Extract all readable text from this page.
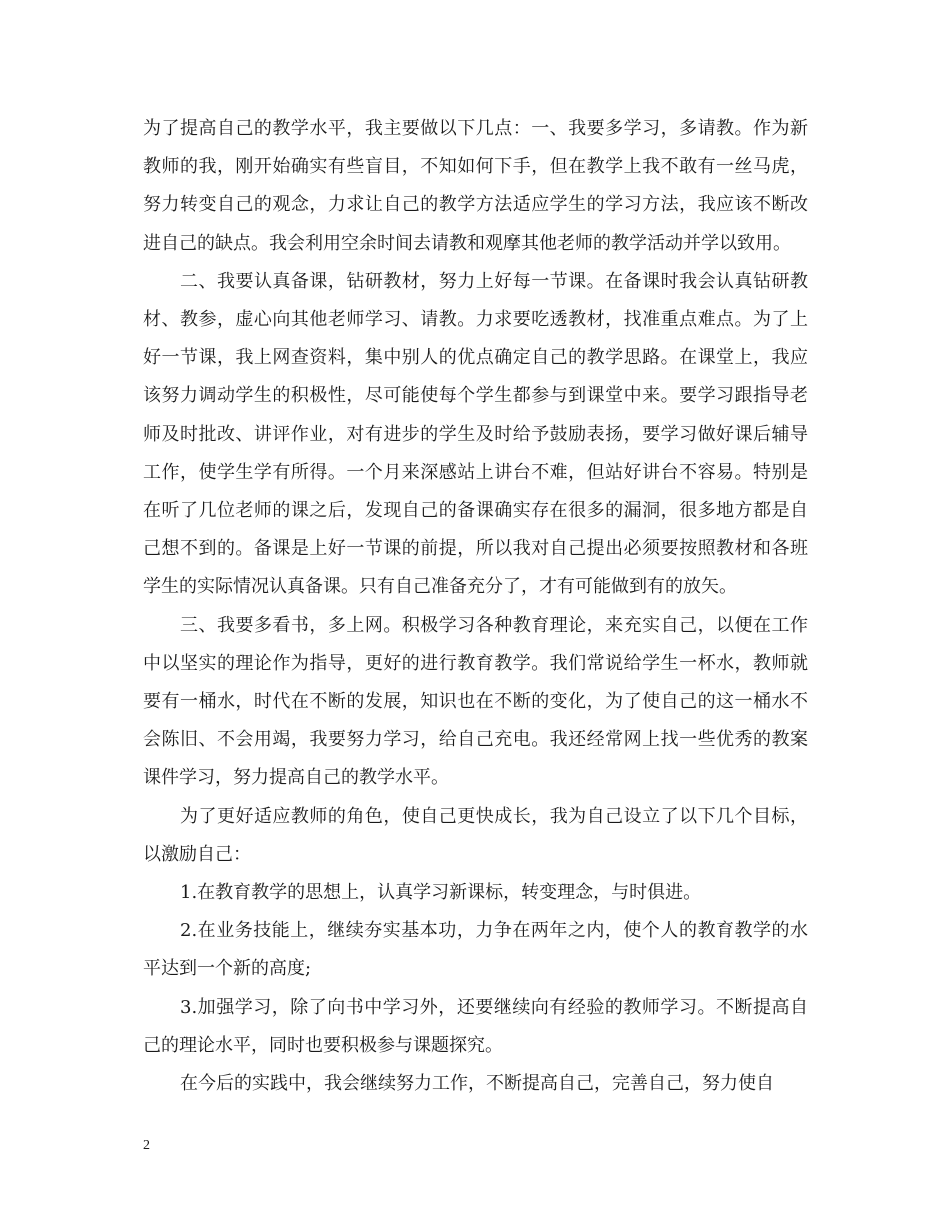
为了提高自己的教学水平，我主要做以下几点：一、我要多学习，多请教。作为新教师的我，刚开始确实有些盲目，不知如何下手，但在教学上我不敢有一丝马虎，努力转变自己的观念，力求让自己的教学方法适应学生的学习方法，我应该不断改进自己的缺点。我会利用空余时间去请教和观摩其他老师的教学活动并学以致用。

二、我要认真备课，钻研教材，努力上好每一节课。在备课时我会认真钻研教材、教参，虚心向其他老师学习、请教。力求要吃透教材，找准重点难点。为了上好一节课，我上网查资料，集中别人的优点确定自己的教学思路。在课堂上，我应该努力调动学生的积极性，尽可能使每个学生都参与到课堂中来。要学习跟指导老师及时批改、讲评作业，对有进步的学生及时给予鼓励表扬，要学习做好课后辅导工作，使学生学有所得。一个月来深感站上讲台不难，但站好讲台不容易。特别是在听了几位老师的课之后，发现自己的备课确实存在很多的漏洞，很多地方都是自己想不到的。备课是上好一节课的前提，所以我对自己提出必须要按照教材和各班学生的实际情况认真备课。只有自己准备充分了，才有可能做到有的放矢。

三、我要多看书，多上网。积极学习各种教育理论，来充实自己，以便在工作中以坚实的理论作为指导，更好的进行教育教学。我们常说给学生一杯水，教师就要有一桶水，时代在不断的发展，知识也在不断的变化，为了使自己的这一桶水不会陈旧、不会用竭，我要努力学习，给自己充电。我还经常网上找一些优秀的教案课件学习，努力提高自己的教学水平。

为了更好适应教师的角色，使自己更快成长，我为自己设立了以下几个目标，以激励自己：

1.在教育教学的思想上，认真学习新课标，转变理念，与时俱进。

2.在业务技能上，继续夯实基本功，力争在两年之内，使个人的教育教学的水平达到一个新的高度;

3.加强学习，除了向书中学习外，还要继续向有经验的教师学习。不断提高自己的理论水平，同时也要积极参与课题探究。

在今后的实践中，我会继续努力工作，不断提高自己，完善自己，努力使自

2
